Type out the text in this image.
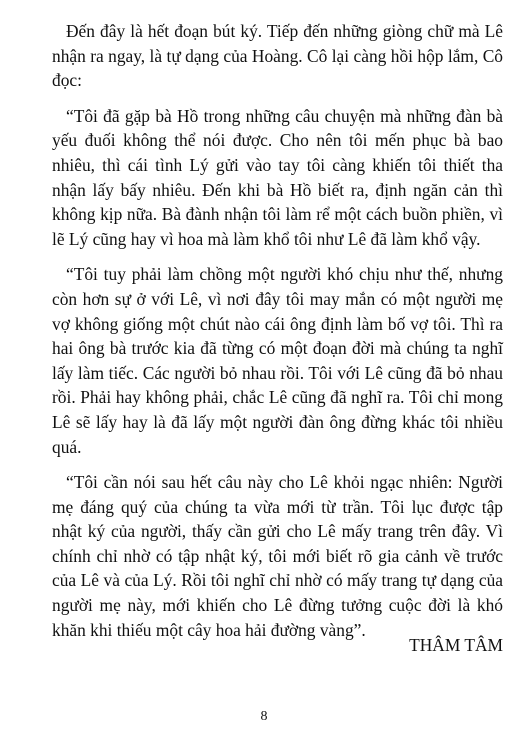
Đến đây là hết đoạn bút ký. Tiếp đến những giòng chữ mà Lê nhận ra ngay, là tự dạng của Hoàng. Cô lại càng hồi hộp lắm, Cô đọc:

“Tôi đã gặp bà Hồ trong những câu chuyện mà những đàn bà yếu đuối không thể nói được. Cho nên tôi mến phục bà bao nhiêu, thì cái tình Lý gửi vào tay tôi càng khiến tôi thiết tha nhận lấy bấy nhiêu. Đến khi bà Hồ biết ra, định ngăn cản thì không kịp nữa. Bà đành nhận tôi làm rể một cách buồn phiền, vì lẽ Lý cũng hay vì hoa mà làm khổ tôi như Lê đã làm khổ vậy.

“Tôi tuy phải làm chồng một người khó chịu như thế, nhưng còn hơn sự ở với Lê, vì nơi đây tôi may mắn có một người mẹ vợ không giống một chút nào cái ông định làm bố vợ tôi. Thì ra hai ông bà trước kia đã từng có một đoạn đời mà chúng ta nghĩ lấy làm tiếc. Các người bỏ nhau rồi. Tôi với Lê cũng đã bỏ nhau rồi. Phải hay không phải, chắc Lê cũng đã nghĩ ra. Tôi chỉ mong Lê sẽ lấy hay là đã lấy một người đàn ông đừng khác tôi nhiều quá.

“Tôi cần nói sau hết câu này cho Lê khỏi ngạc nhiên: Người mẹ đáng quý của chúng ta vừa mới từ trần. Tôi lục được tập nhật ký của người, thấy cần gửi cho Lê mấy trang trên đây. Vì chính chỉ nhờ có tập nhật ký, tôi mới biết rõ gia cảnh về trước của Lê và của Lý. Rồi tôi nghĩ chỉ nhờ có mấy trang tự dạng của người mẹ này, mới khiến cho Lê đừng tưởng cuộc đời là khó khăn khi thiếu một cây hoa hải đường vàng”.

THÂM TÂM
8
